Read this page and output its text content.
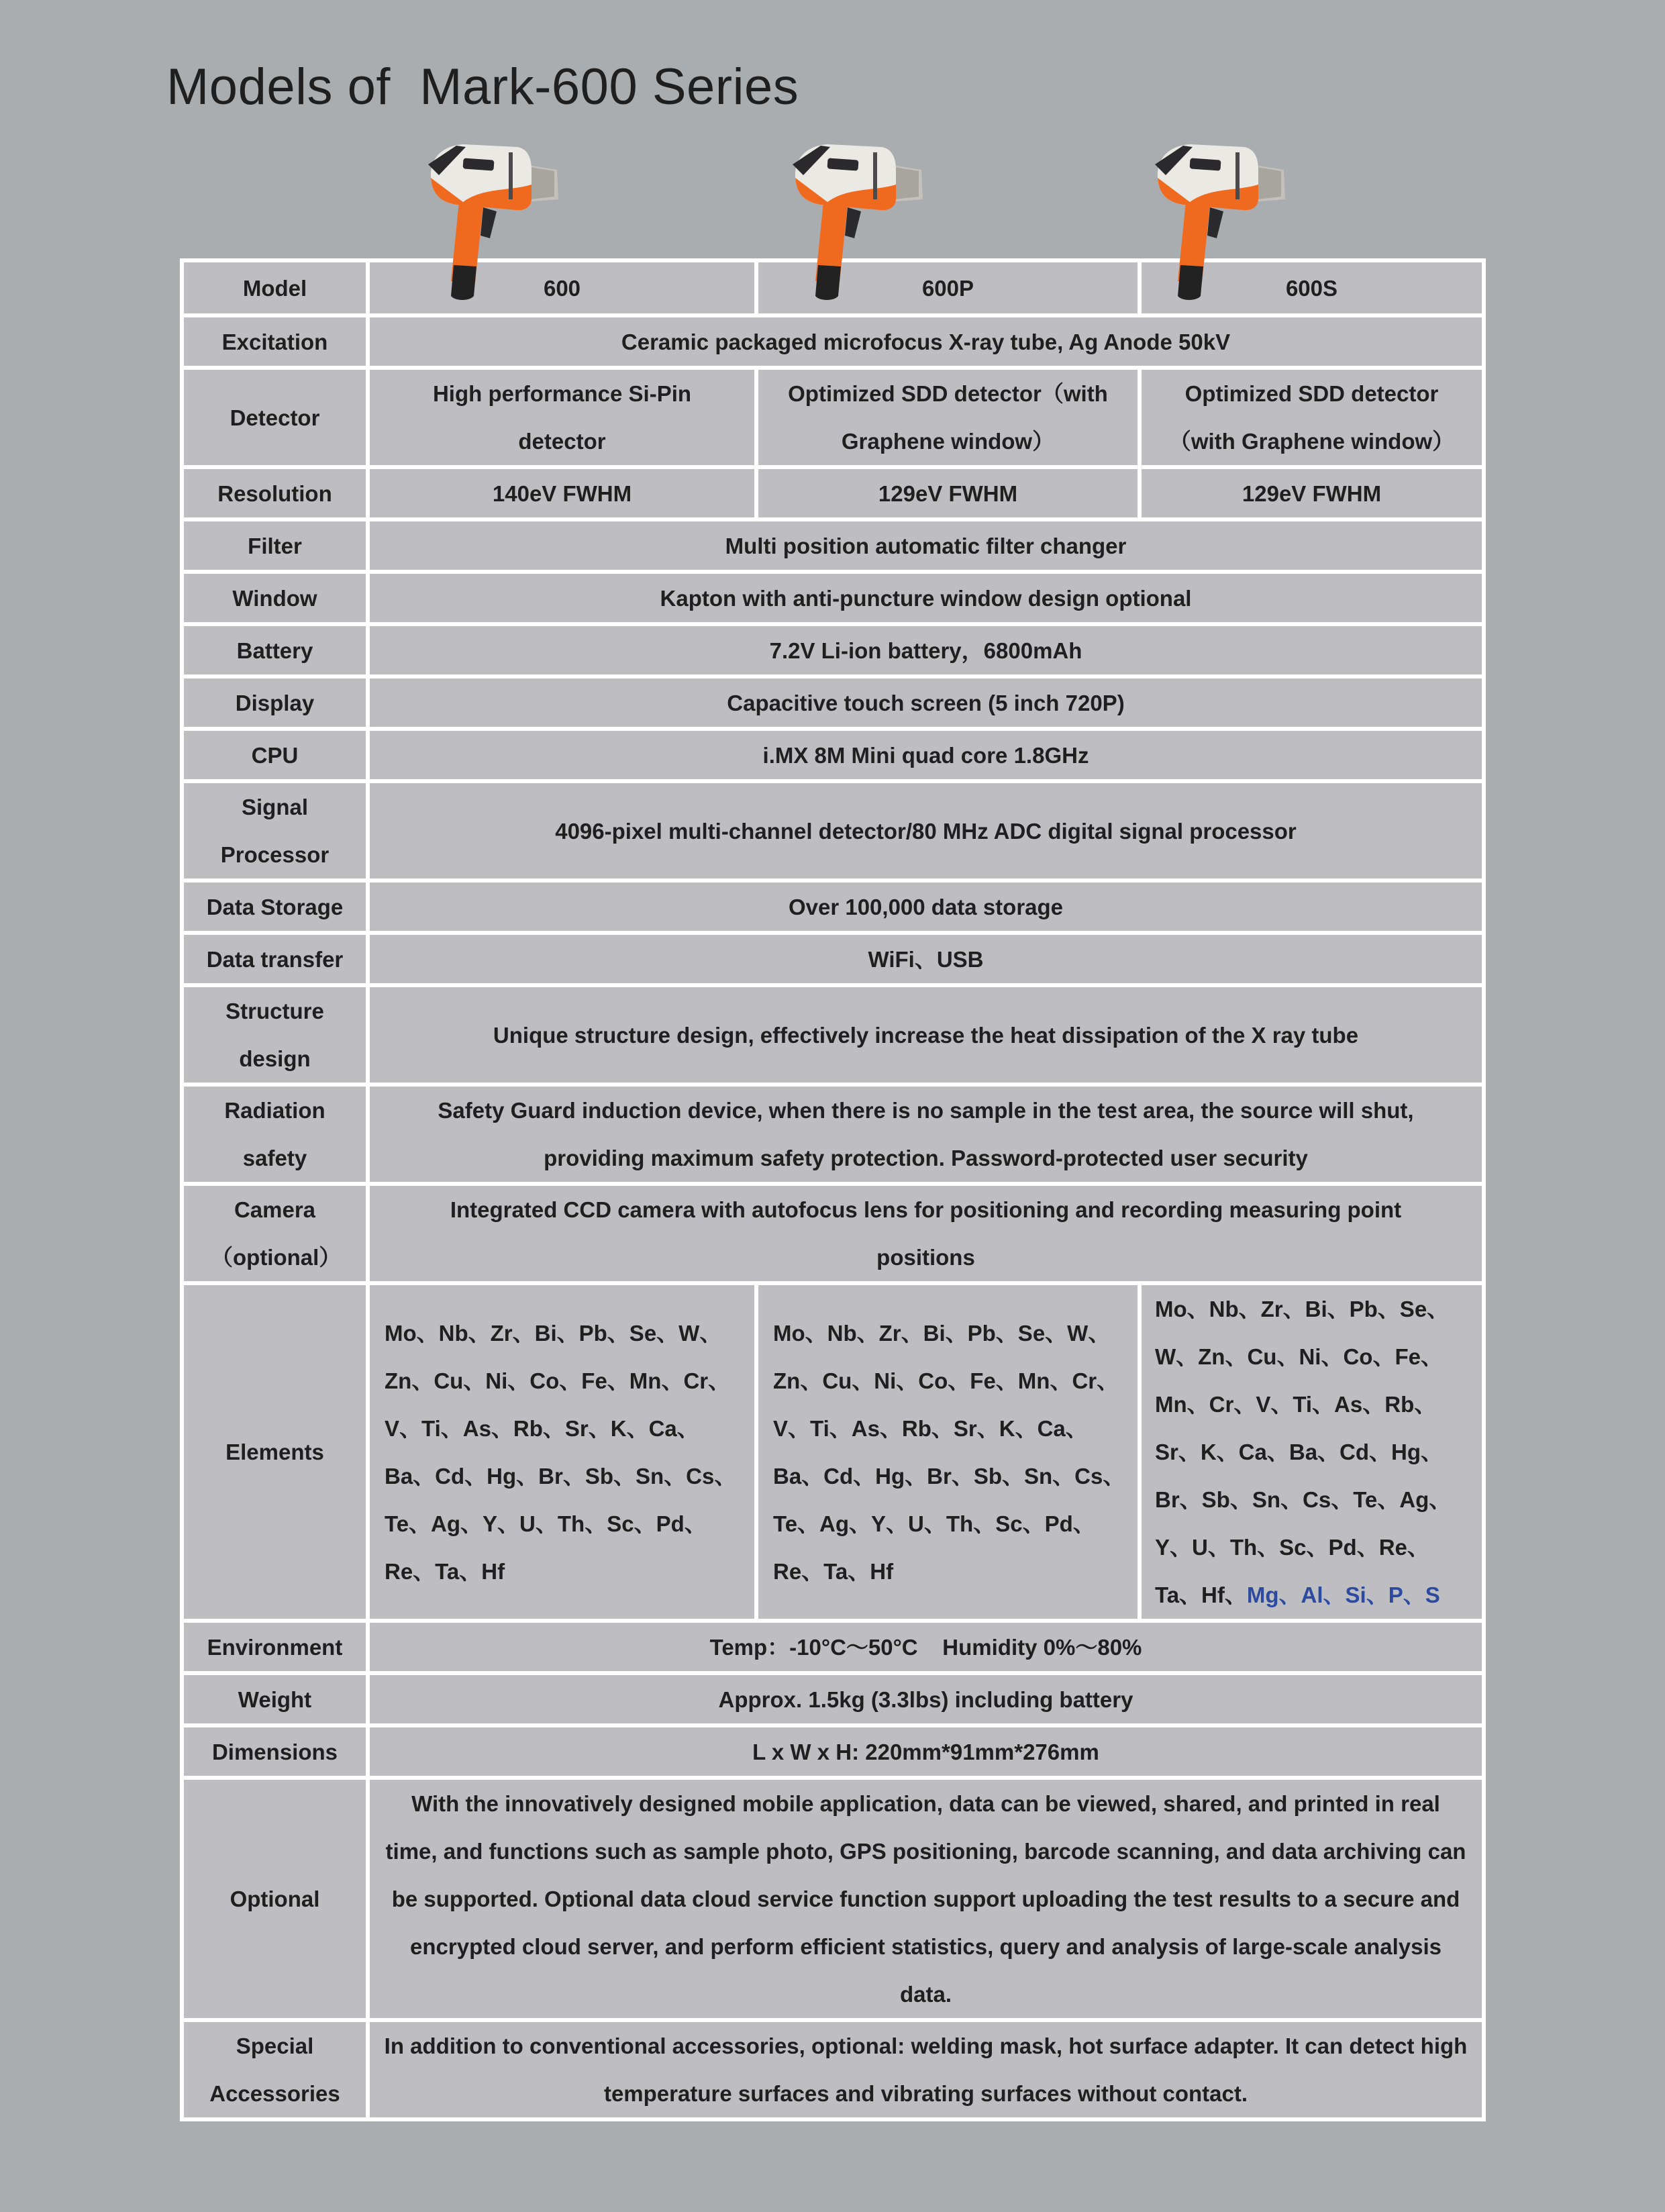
Models of  Mark-600 Series
Model	600	600P	600S
Excitation	Ceramic packaged microfocus X-ray tube, Ag Anode 50kV		
Detector	High performance Si-Pin detector	Optimized SDD detector（with Graphene window）	Optimized SDD detector（with Graphene window）
Resolution	140eV FWHM	129eV FWHM	129eV FWHM
Filter	Multi position automatic filter changer		
Window	Kapton with anti-puncture window design optional		
Battery	7.2V Li-ion battery，6800mAh		
Display	Capacitive touch screen (5 inch 720P)		
CPU	i.MX 8M Mini quad core 1.8GHz		
Signal Processor	4096-pixel multi-channel detector/80 MHz ADC digital signal processor		
Data Storage	Over 100,000 data storage		
Data transfer	WiFi、USB		
Structure design	Unique structure design, effectively increase the heat dissipation of the X ray tube		
Radiation safety	Safety Guard induction device, when there is no sample in the test area, the source will shut, providing maximum safety protection. Password-protected user security		
Camera（optional）	Integrated CCD camera with autofocus lens for positioning and recording measuring point positions		
Elements	Mo、Nb、Zr、Bi、Pb、Se、W、Zn、Cu、Ni、Co、Fe、Mn、Cr、V、Ti、As、Rb、Sr、K、Ca、Ba、Cd、Hg、Br、Sb、Sn、Cs、Te、Ag、Y、U、Th、Sc、Pd、Re、Ta、Hf	Mo、Nb、Zr、Bi、Pb、Se、W、Zn、Cu、Ni、Co、Fe、Mn、Cr、V、Ti、As、Rb、Sr、K、Ca、Ba、Cd、Hg、Br、Sb、Sn、Cs、Te、Ag、Y、U、Th、Sc、Pd、Re、Ta、Hf	Mo、Nb、Zr、Bi、Pb、Se、W、Zn、Cu、Ni、Co、Fe、Mn、Cr、V、Ti、As、Rb、Sr、K、Ca、Ba、Cd、Hg、Br、Sb、Sn、Cs、Te、Ag、Y、U、Th、Sc、Pd、Re、Ta、Hf、Mg、Al、Si、P、S
Environment	Temp：-10°C～50°C    Humidity 0%～80%		
Weight	Approx. 1.5kg (3.3lbs) including battery		
Dimensions	L x W x H: 220mm*91mm*276mm		
Optional	With the innovatively designed mobile application, data can be viewed, shared, and printed in real time, and functions such as sample photo, GPS positioning, barcode scanning, and data archiving can be supported. Optional data cloud service function support uploading the test results to a secure and encrypted cloud server, and perform efficient statistics, query and analysis of large-scale analysis data.		
Special Accessories	In addition to conventional accessories, optional: welding mask, hot surface adapter. It can detect high temperature surfaces and vibrating surfaces without contact.		
